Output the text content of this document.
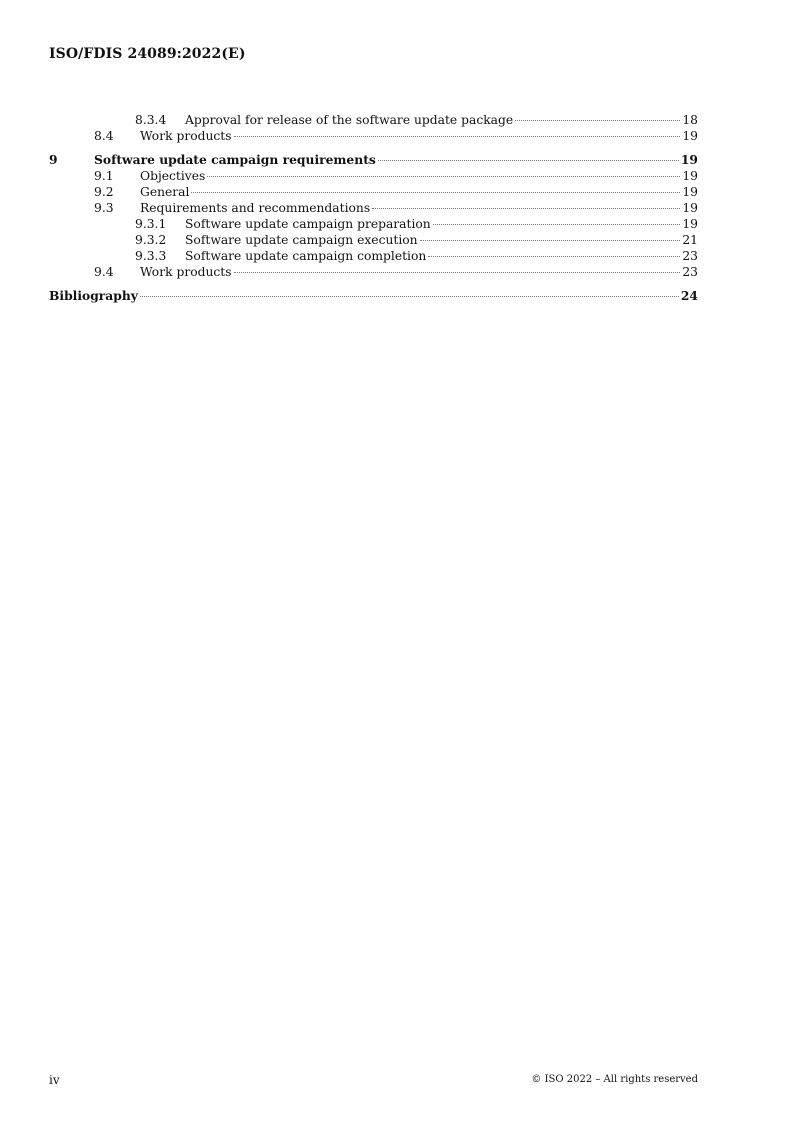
ISO/FDIS 24089:2022(E)
8.3.4	Approval for release of the software update package	18
8.4	Work products	19
9	Software update campaign requirements	19
9.1	Objectives	19
9.2	General	19
9.3	Requirements and recommendations	19
9.3.1	Software update campaign preparation	19
9.3.2	Software update campaign execution	21
9.3.3	Software update campaign completion	23
9.4	Work products	23
Bibliography	24
iv	© ISO 2022 – All rights reserved
